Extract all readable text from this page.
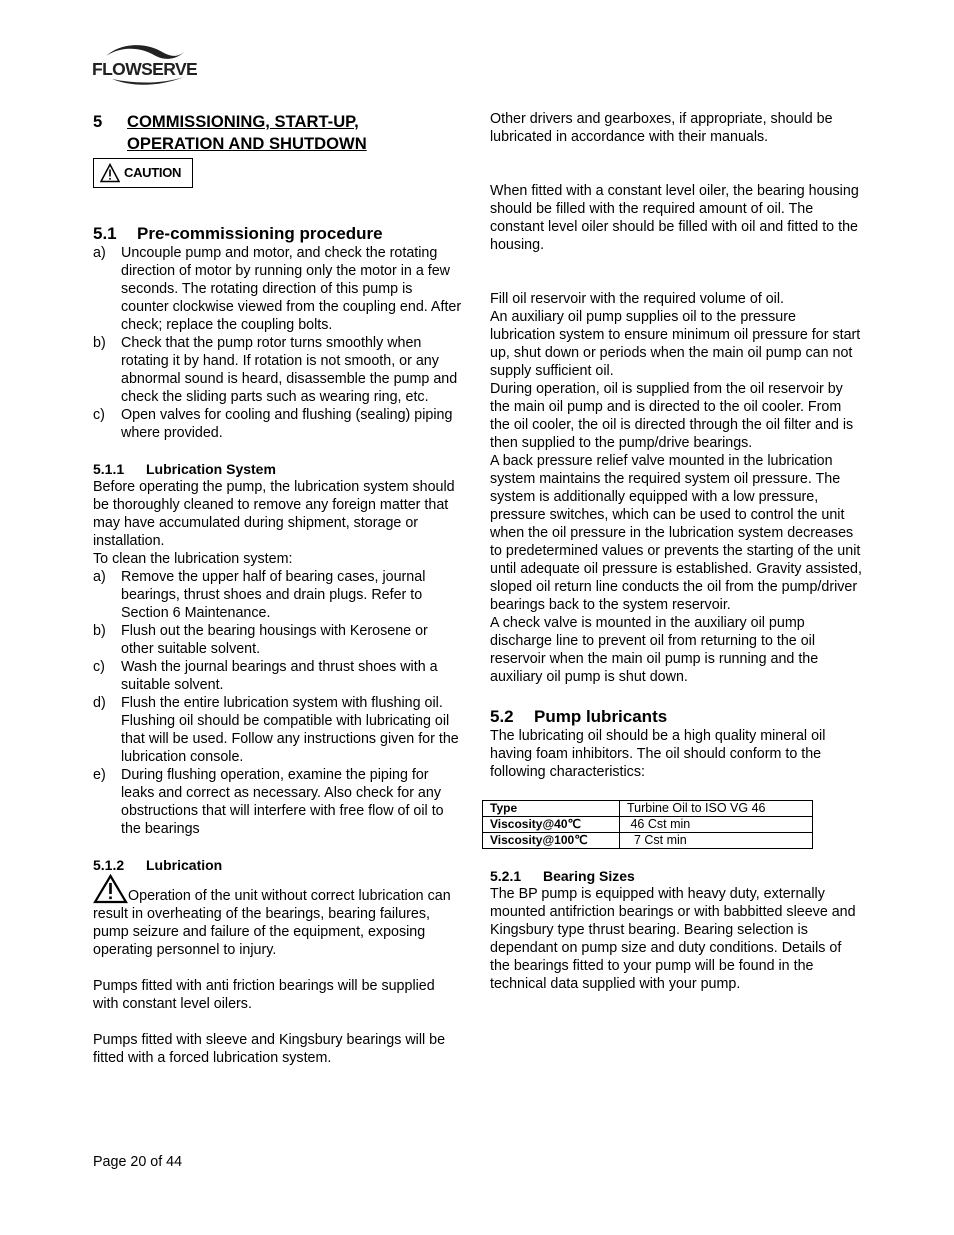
FLOWSERVE
5	COMMISSIONING, START-UP,
OPERATION AND SHUTDOWN
CAUTION
5.1	Pre-commissioning procedure
a)	Uncouple pump and motor, and check the rotating direction of motor by running only the motor in a few seconds. The rotating direction of this pump is counter clockwise viewed from the coupling end. After check; replace the coupling bolts.
b)	Check that the pump rotor turns smoothly when rotating it by hand. If rotation is not smooth, or any abnormal sound is heard, disassemble the pump and check the sliding parts such as wearing ring, etc.
c)	Open valves for cooling and flushing (sealing) piping where provided.
5.1.1	Lubrication System

Before operating the pump, the lubrication system should be thoroughly cleaned to remove any foreign matter that may have accumulated during shipment, storage or installation.

To clean the lubrication system:

a)	Remove the upper half of bearing cases, journal bearings, thrust shoes and drain plugs. Refer to Section 6 Maintenance.
b)	Flush out the bearing housings with Kerosene or other suitable solvent.
c)	Wash the journal bearings and thrust shoes with a suitable solvent.
d)	Flush the entire lubrication system with flushing oil. Flushing oil should be compatible with lubricating oil that will be used. Follow any instructions given for the lubrication console.
e)	During flushing operation, examine the piping for leaks and correct as necessary. Also check for any obstructions that will interfere with free flow of oil to the bearings
5.1.2	Lubrication

Operation of the unit without correct lubrication can result in overheating of the bearings, bearing failures, pump seizure and failure of the equipment, exposing operating personnel to injury.

Pumps fitted with anti friction bearings will be supplied with constant level oilers.

Pumps fitted with sleeve and Kingsbury bearings will be fitted with a forced lubrication system.

Other drivers and gearboxes, if appropriate, should be lubricated in accordance with their manuals.

When fitted with a constant level oiler, the bearing housing should be filled with the required amount of oil. The constant level oiler should be filled with oil and fitted to the housing.

Fill oil reservoir with the required volume of oil.

An auxiliary oil pump supplies oil to the pressure lubrication system to ensure minimum oil pressure for start up, shut down or periods when the main oil pump can not supply sufficient oil.

During operation, oil is supplied from the oil reservoir by the main oil pump and is directed to the oil cooler. From the oil cooler, the oil is directed through the oil filter and is then supplied to the pump/drive bearings.

A back pressure relief valve mounted in the lubrication system maintains the required system oil pressure. The system is additionally equipped with a low pressure, pressure switches, which can be used to control the unit when the oil pressure in the lubrication system decreases to predetermined values or prevents the starting of the unit until adequate oil pressure is established. Gravity assisted, sloped oil return line conducts the oil from the pump/driver bearings back to the system reservoir.

A check valve is mounted in the auxiliary oil pump discharge line to prevent oil from returning to the oil reservoir when the main oil pump is running and the auxiliary oil pump is shut down.

5.2	Pump lubricants

The lubricating oil should be a high quality mineral oil having foam inhibitors. The oil should conform to the following characteristics:

Type	Turbine Oil to ISO VG 46
Viscosity@40℃	46 Cst min
Viscosity@100℃	7 Cst min
5.2.1	Bearing Sizes

The BP pump is equipped with heavy duty, externally mounted antifriction bearings or with babbitted sleeve and Kingsbury type thrust bearing. Bearing selection is dependant on pump size and duty conditions. Details of the bearings fitted to your pump will be found in the technical data supplied with your pump.

Page 20 of 44
